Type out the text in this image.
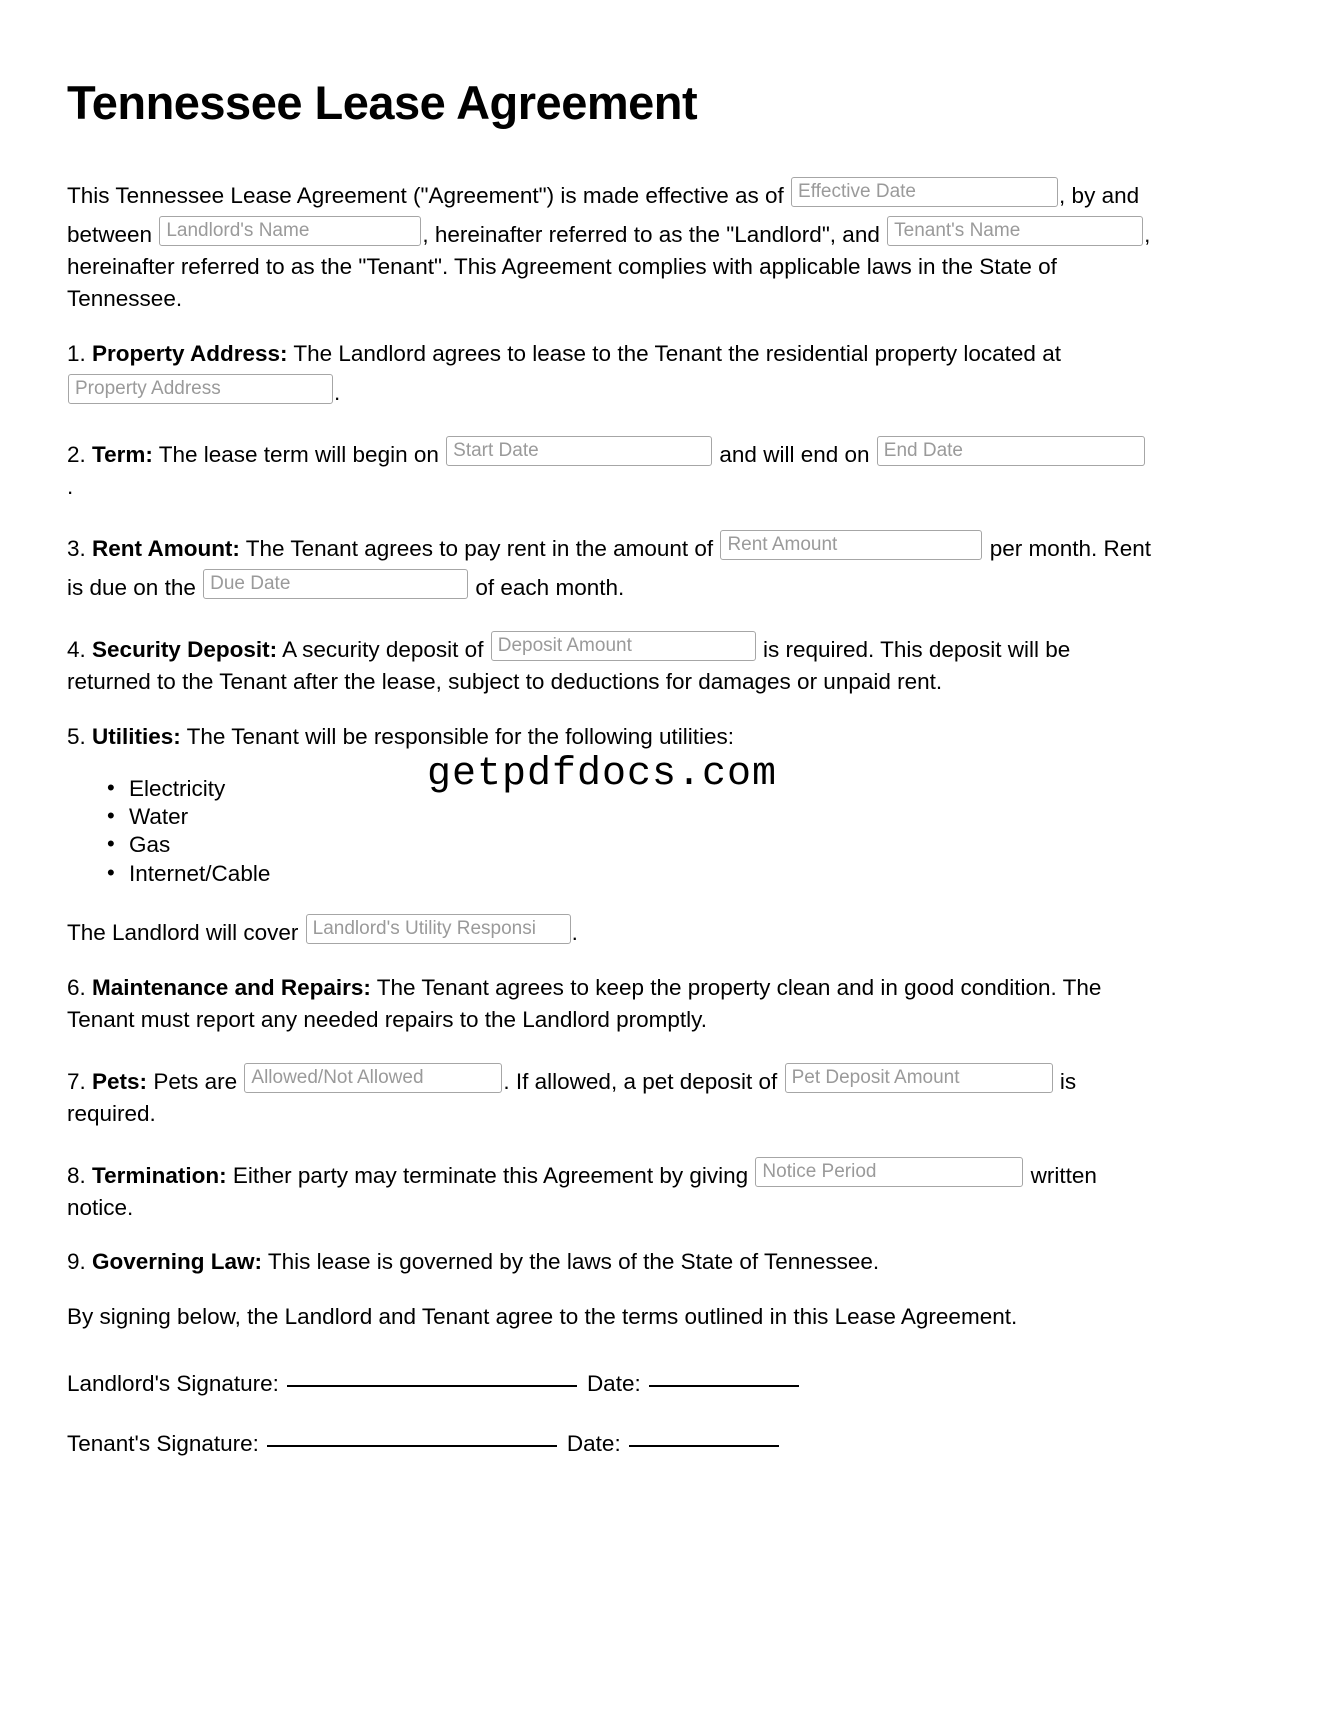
Tennessee Lease Agreement

This Tennessee Lease Agreement ("Agreement") is made effective as of Effective Date	, by and between Landlord's Name	, hereinafter referred to as the "Landlord", and Tenant's Name	, hereinafter referred to as the "Tenant". This Agreement complies with applicable laws in the State of Tennessee.

1. Property Address: The Landlord agrees to lease to the Tenant the residential property located at Property Address	.

2. Term: The lease term will begin on Start Date	and will end on End Date.

3. Rent Amount: The Tenant agrees to pay rent in the amount of Rent Amount	per month. Rent is due on the Due Date	of each month.

4. Security Deposit: A security deposit of Deposit Amount	is required. This deposit will be returned to the Tenant after the lease, subject to deductions for damages or unpaid rent.

5. Utilities: The Tenant will be responsible for the following utilities:

• Electricity
• Water
• Gas
• Internet/Cable

The Landlord will cover Landlord's Utility Responsi .

6. Maintenance and Repairs: The Tenant agrees to keep the property clean and in good condition. The Tenant must report any needed repairs to the Landlord promptly.

7. Pets: Pets are Allowed/Not Allowed	. If allowed, a pet deposit of Pet Deposit Amount	is required.

8. Termination: Either party may terminate this Agreement by giving Notice Period	written notice.

9. Governing Law: This lease is governed by the laws of the State of Tennessee.

By signing below, the Landlord and Tenant agree to the terms outlined in this Lease Agreement.

Landlord's Signature:	Date:
Tenant's Signature:	Date:
getpdfdocs.com
